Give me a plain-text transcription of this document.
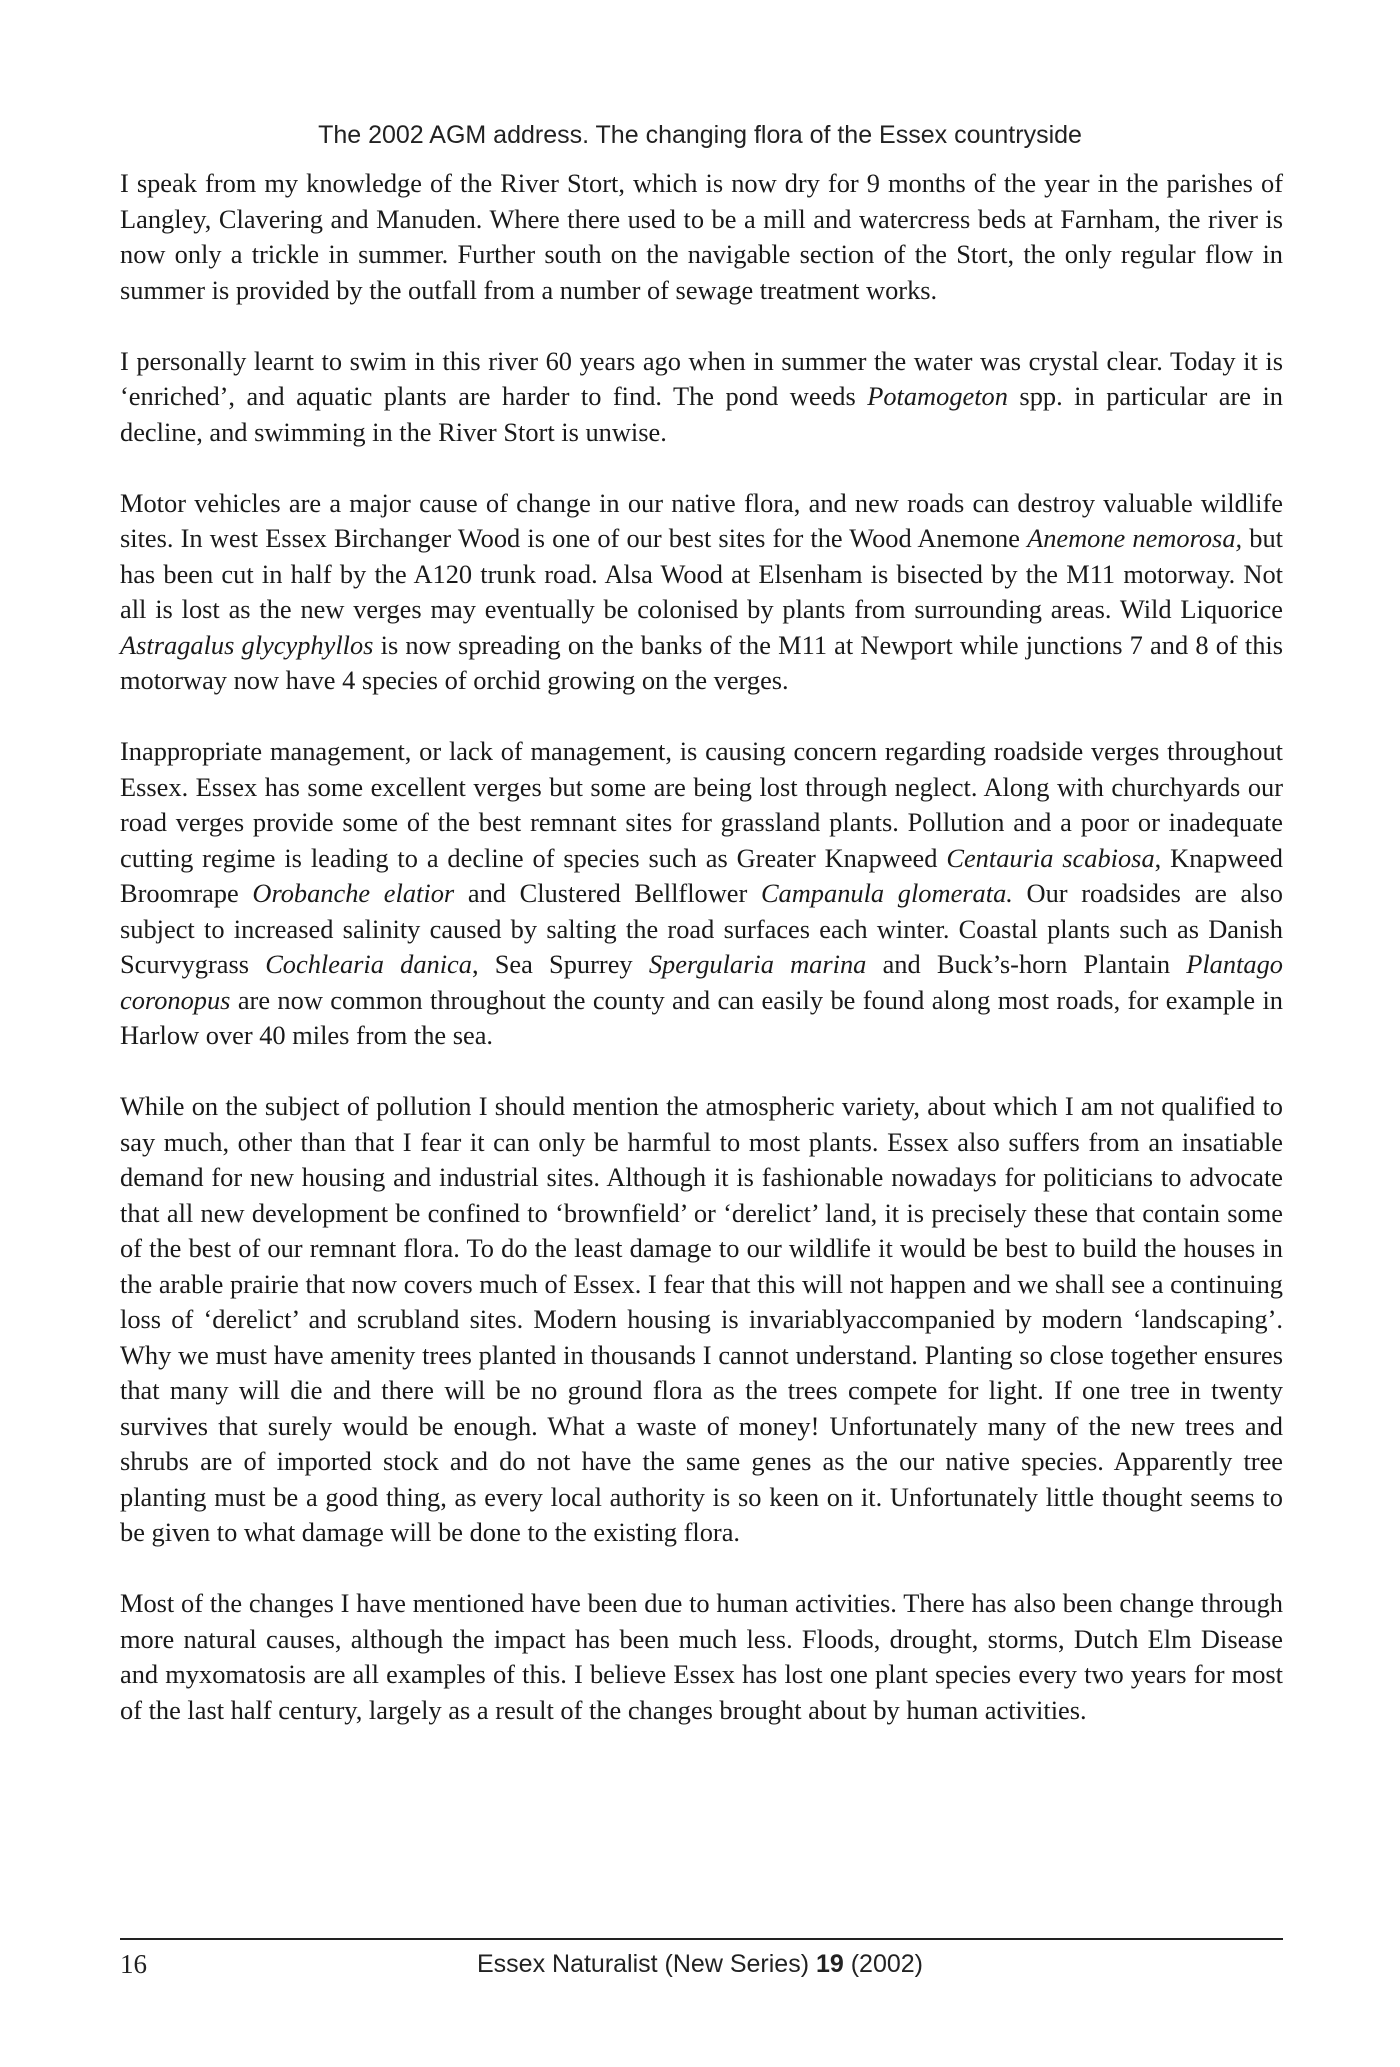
The 2002 AGM address. The changing flora of the Essex countryside

I speak from my knowledge of the River Stort, which is now dry for 9 months of the year in the parishes of Langley, Clavering and Manuden. Where there used to be a mill and watercress beds at Farnham, the river is now only a trickle in summer. Further south on the navigable section of the Stort, the only regular flow in summer is provided by the outfall from a number of sewage treatment works.

I personally learnt to swim in this river 60 years ago when in summer the water was crystal clear. Today it is ‘enriched’, and aquatic plants are harder to find. The pond weeds Potamogeton spp. in particular are in decline, and swimming in the River Stort is unwise.

Motor vehicles are a major cause of change in our native flora, and new roads can destroy valuable wildlife sites. In west Essex Birchanger Wood is one of our best sites for the Wood Anemone Anemone nemorosa, but has been cut in half by the A120 trunk road. Alsa Wood at Elsenham is bisected by the M11 motorway. Not all is lost as the new verges may eventually be colonised by plants from surrounding areas. Wild Liquorice Astragalus glycyphyllos is now spreading on the banks of the M11 at Newport while junctions 7 and 8 of this motorway now have 4 species of orchid growing on the verges.

Inappropriate management, or lack of management, is causing concern regarding roadside verges throughout Essex. Essex has some excellent verges but some are being lost through neglect. Along with churchyards our road verges provide some of the best remnant sites for grassland plants. Pollution and a poor or inadequate cutting regime is leading to a decline of species such as Greater Knapweed Centauria scabiosa, Knapweed Broomrape Orobanche elatior and Clustered Bellflower Campanula glomerata. Our roadsides are also subject to increased salinity caused by salting the road surfaces each winter. Coastal plants such as Danish Scurvygrass Cochlearia danica, Sea Spurrey Spergularia marina and Buck’s-horn Plantain Plantago coronopus are now common throughout the county and can easily be found along most roads, for example in Harlow over 40 miles from the sea.

While on the subject of pollution I should mention the atmospheric variety, about which I am not qualified to say much, other than that I fear it can only be harmful to most plants. Essex also suffers from an insatiable demand for new housing and industrial sites. Although it is fashionable nowadays for politicians to advocate that all new development be confined to ‘brownfield’ or ‘derelict’ land, it is precisely these that contain some of the best of our remnant flora. To do the least damage to our wildlife it would be best to build the houses in the arable prairie that now covers much of Essex. I fear that this will not happen and we shall see a continuing loss of ‘derelict’ and scrubland sites. Modern housing is invariablyaccompanied by modern ‘landscaping’. Why we must have amenity trees planted in thousands I cannot understand. Planting so close together ensures that many will die and there will be no ground flora as the trees compete for light. If one tree in twenty survives that surely would be enough. What a waste of money! Unfortunately many of the new trees and shrubs are of imported stock and do not have the same genes as the our native species. Apparently tree planting must be a good thing, as every local authority is so keen on it. Unfortunately little thought seems to be given to what damage will be done to the existing flora.

Most of the changes I have mentioned have been due to human activities. There has also been change through more natural causes, although the impact has been much less. Floods, drought, storms, Dutch Elm Disease and myxomatosis are all examples of this. I believe Essex has lost one plant species every two years for most of the last half century, largely as a result of the changes brought about by human activities.

16	Essex Naturalist (New Series) 19 (2002)
